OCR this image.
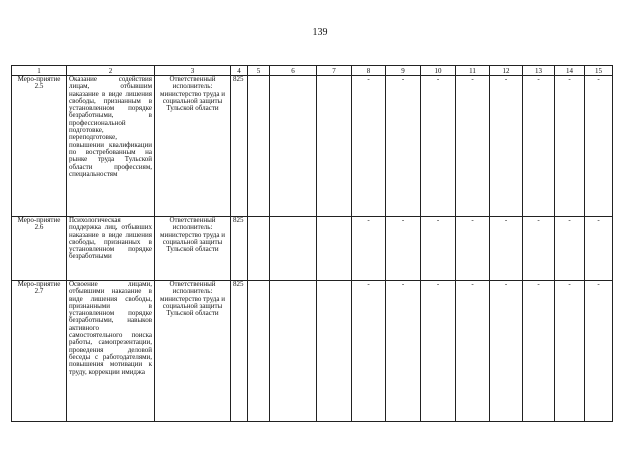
139
1	2	3	4	5	6	7	8	9	10	11	12	13	14	15
Меро-приятие 2.5	Оказание содействия лицам, отбывшим наказание в виде лишения свободы, признанным в установленном порядке безработными, в профессиональной подготовке, переподготовке, повышении квалификации по востребованным на рынке труда Тульской области профессиям, специальностям	Ответственный исполнитель: министерство труда и социальной защиты Тульской области	825				-	-	-	-	-	-	-	-
Меро-приятие 2.6	Психологическая поддержка лиц, отбывших наказание в виде лишения свободы, признанных в установленном порядке безработными	Ответственный исполнитель: министерство труда и социальной защиты Тульской области	825				-	-	-	-	-	-	-	-
Меро-приятие 2.7	Освоение лицами, отбывшими наказание в виде лишения свободы, признанными в установленном порядке безработными, навыков активного самостоятельного поиска работы, самопрезентации, проведения деловой беседы с работодателями, повышения мотивации к труду, коррекции имиджа	Ответственный исполнитель: министерство труда и социальной защиты Тульской области	825				-	-	-	-	-	-	-	-
